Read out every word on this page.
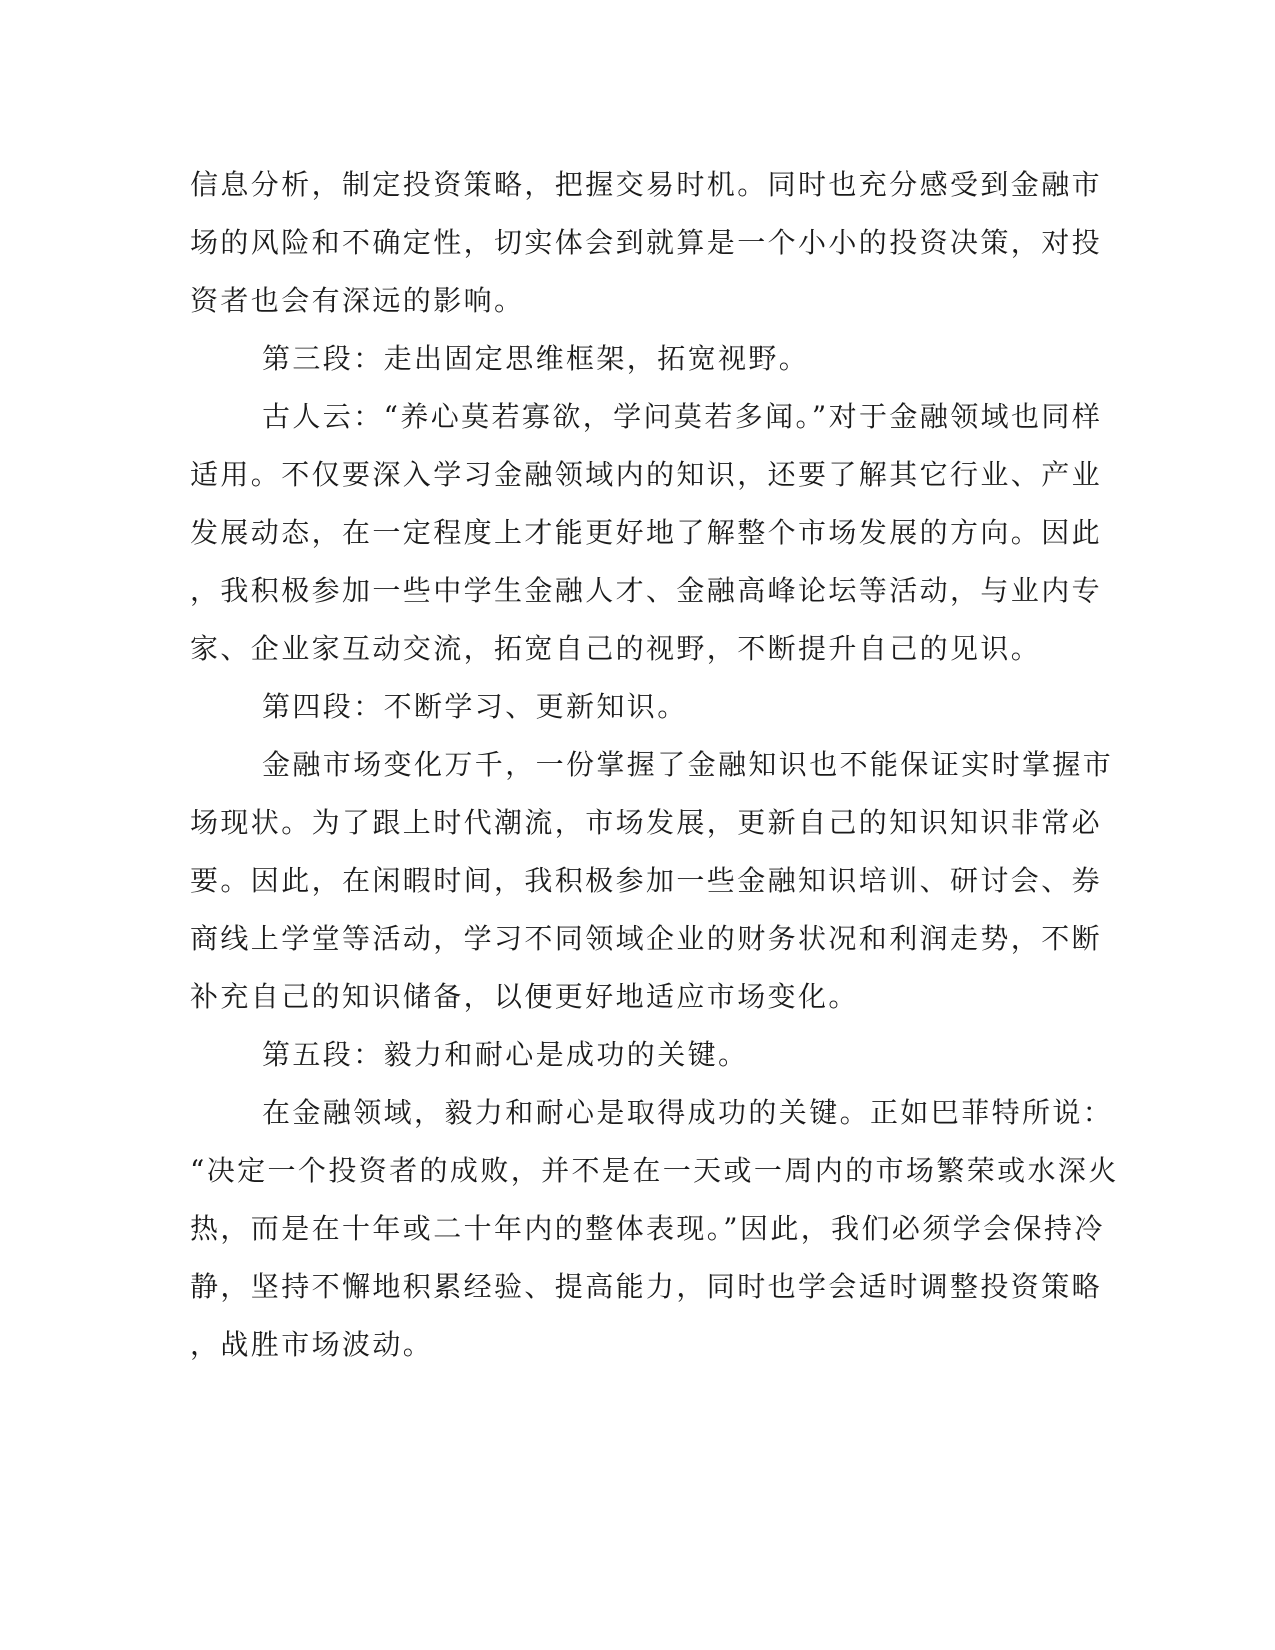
信息分析，制定投资策略，把握交易时机。同时也充分感受到金融市
场的风险和不确定性，切实体会到就算是一个小小的投资决策，对投
资者也会有深远的影响。
第三段：走出固定思维框架，拓宽视野。
古人云：“养心莫若寡欲，学问莫若多闻。”对于金融领域也同样
适用。不仅要深入学习金融领域内的知识，还要了解其它行业、产业
发展动态，在一定程度上才能更好地了解整个市场发展的方向。因此
，我积极参加一些中学生金融人才、金融高峰论坛等活动，与业内专
家、企业家互动交流，拓宽自己的视野，不断提升自己的见识。
第四段：不断学习、更新知识。
金融市场变化万千，一份掌握了金融知识也不能保证实时掌握市
场现状。为了跟上时代潮流，市场发展，更新自己的知识知识非常必
要。因此，在闲暇时间，我积极参加一些金融知识培训、研讨会、券
商线上学堂等活动，学习不同领域企业的财务状况和利润走势，不断
补充自己的知识储备，以便更好地适应市场变化。
第五段：毅力和耐心是成功的关键。
在金融领域，毅力和耐心是取得成功的关键。正如巴菲特所说：
“决定一个投资者的成败，并不是在一天或一周内的市场繁荣或水深火
热，而是在十年或二十年内的整体表现。”因此，我们必须学会保持冷
静，坚持不懈地积累经验、提高能力，同时也学会适时调整投资策略
，战胜市场波动。
